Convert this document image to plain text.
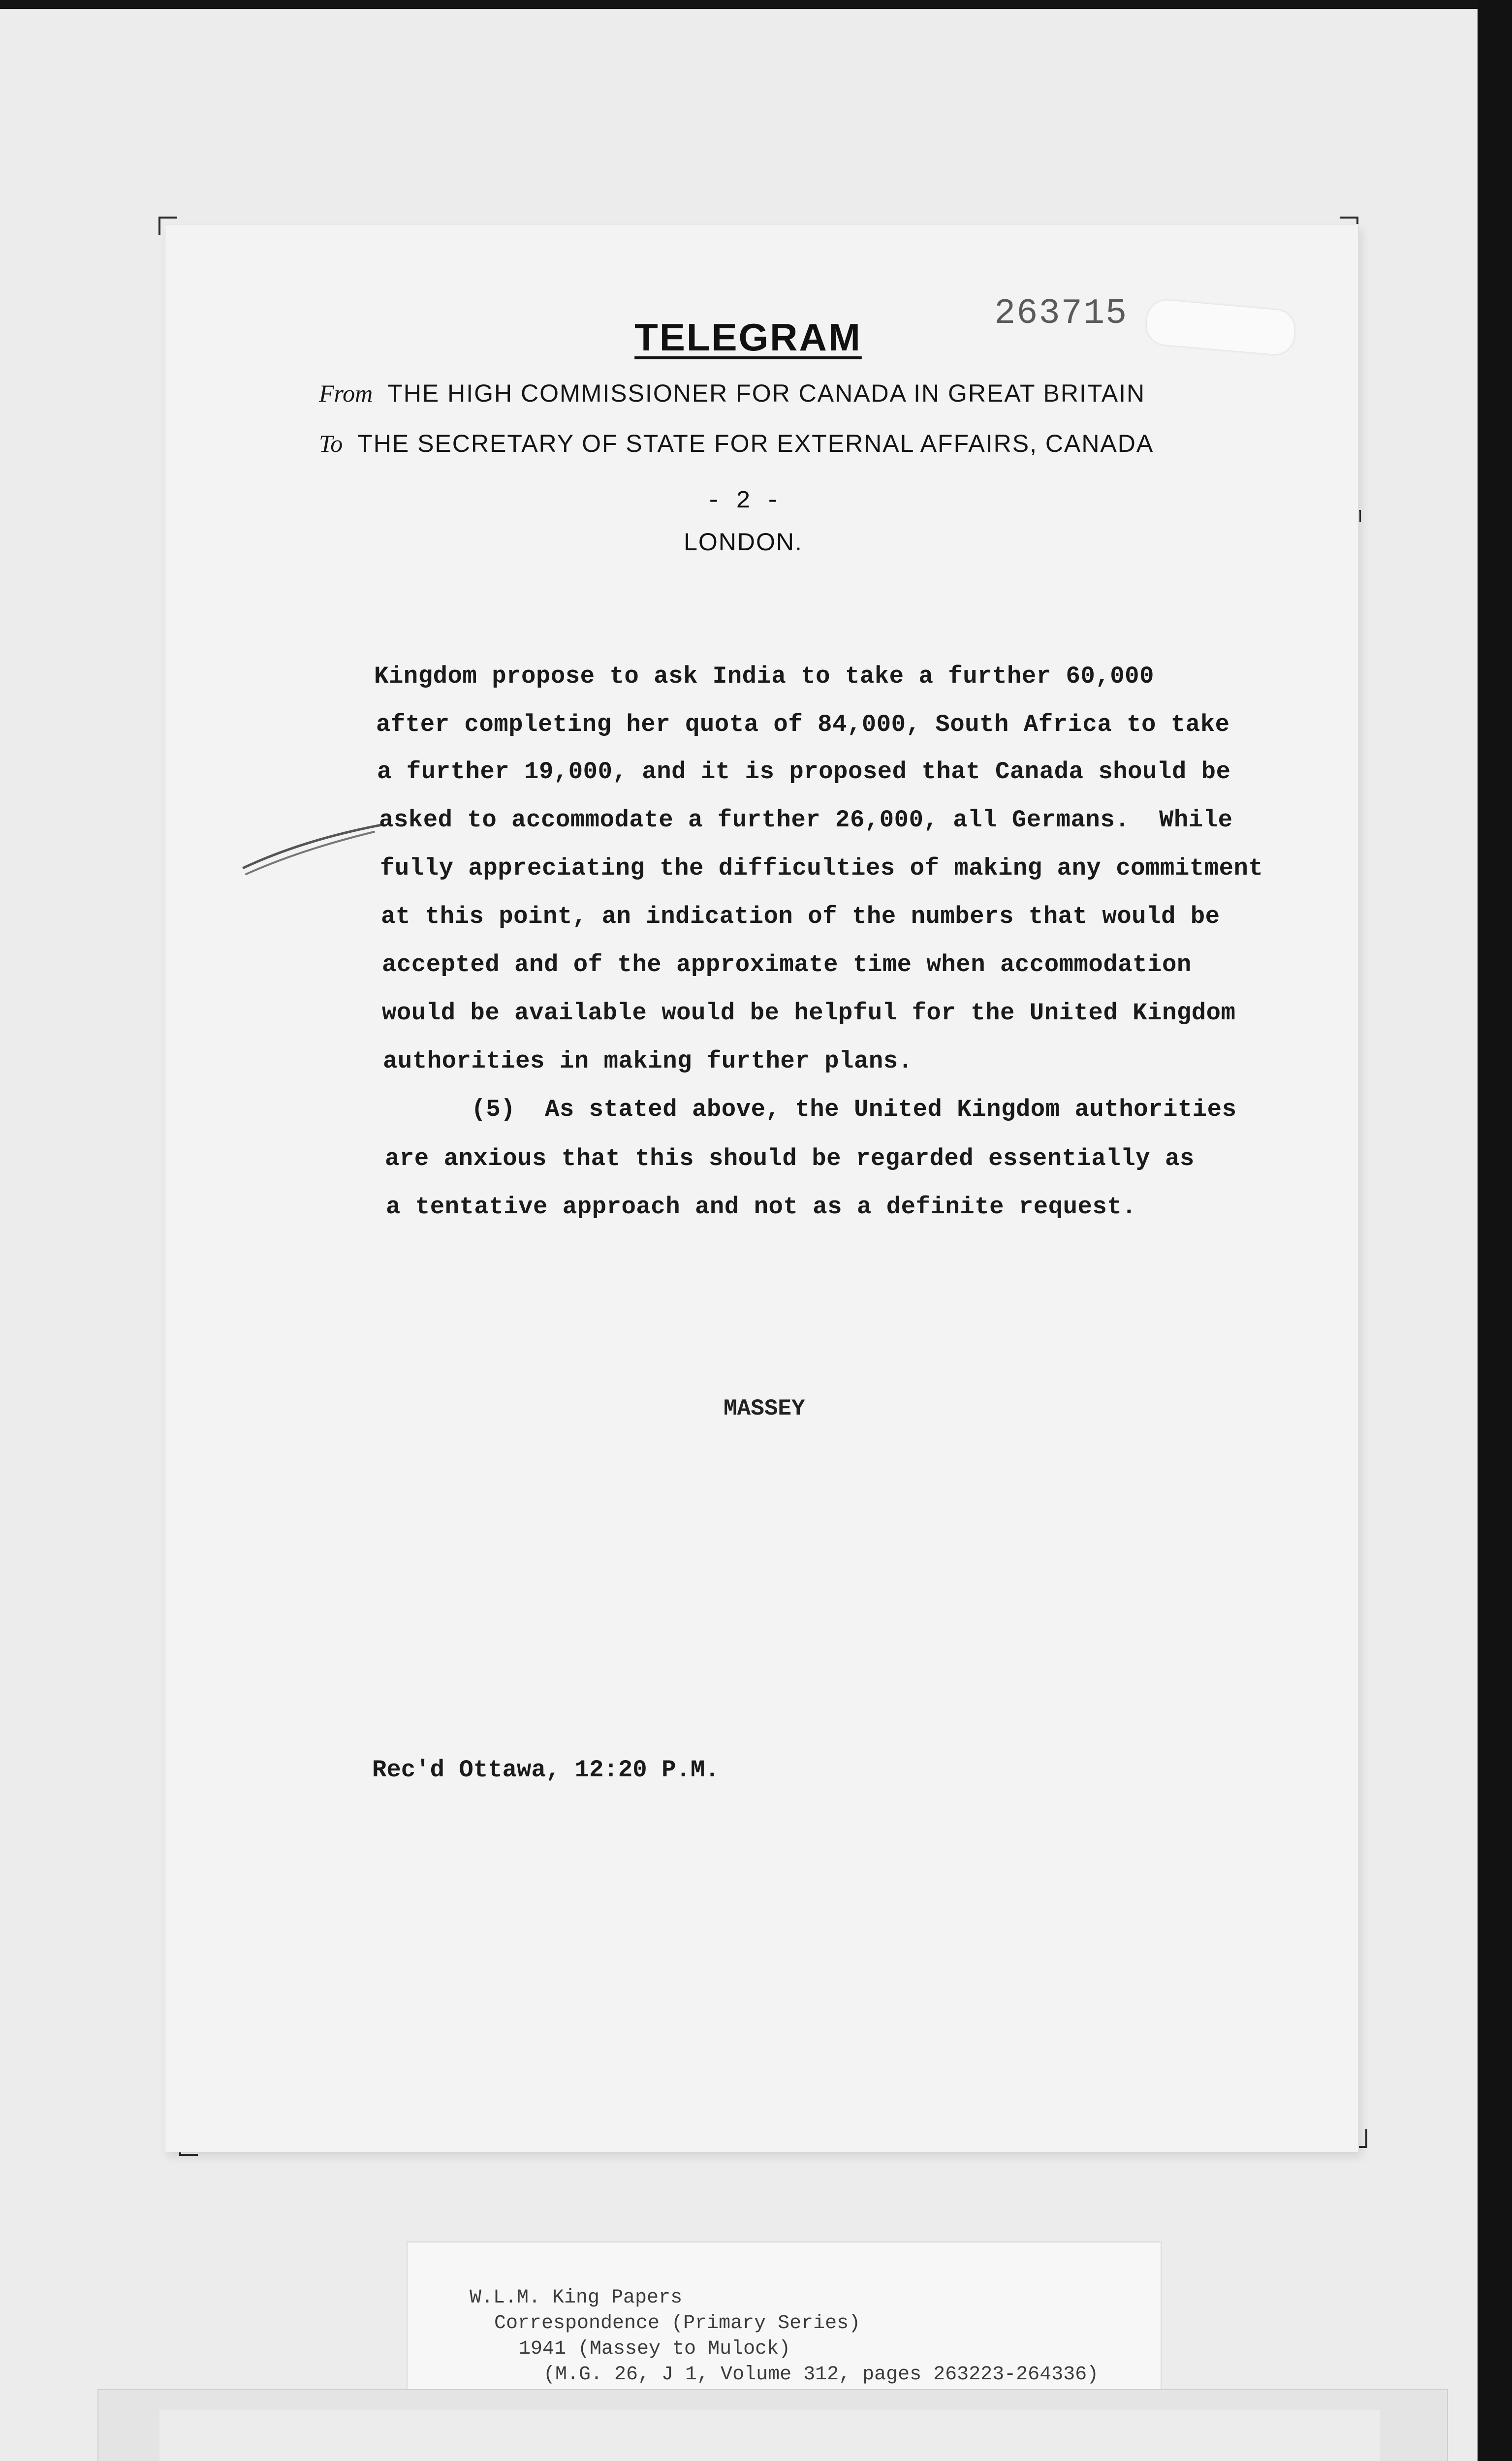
263715
TELEGRAM
From THE HIGH COMMISSIONER FOR CANADA IN GREAT BRITAIN
To THE SECRETARY OF STATE FOR EXTERNAL AFFAIRS, CANADA
- 2 -
LONDON.
Kingdom propose to ask India to take a further 60,000
after completing her quota of 84,000, South Africa to take
a further 19,000, and it is proposed that Canada should be
asked to accommodate a further 26,000, all Germans.  While
fully appreciating the difficulties of making any commitment
at this point, an indication of the numbers that would be
accepted and of the approximate time when accommodation
would be available would be helpful for the United Kingdom
authorities in making further plans.
(5)  As stated above, the United Kingdom authorities
are anxious that this should be regarded essentially as
a tentative approach and not as a definite request.
MASSEY
Rec'd Ottawa, 12:20 P.M.
W.L.M. King Papers
Correspondence (Primary Series)
1941 (Massey to Mulock)
(M.G. 26, J 1, Volume 312, pages 263223-264336)
